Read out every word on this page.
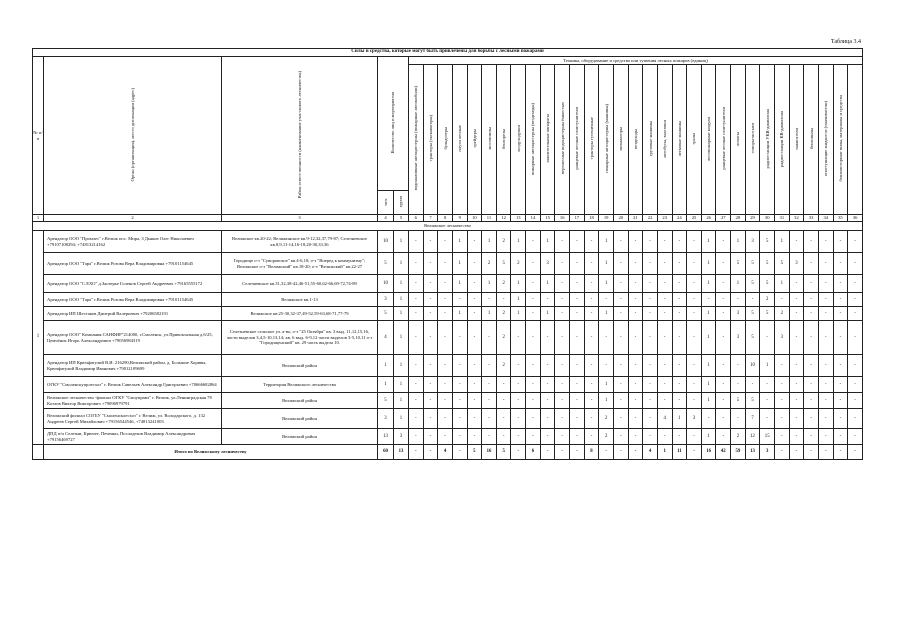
Таблица 3.4
Силы и средства, которые могут быть привлечены для борьбы с лесными пожарами																																			
№ п/п	Орган (организация), место дислокации (адрес)	Район ответственности (наименование участкового лесничества)	Количество лиц и мероприятия		Техника, оборудование и средства или тушения лесных пожаров (единиц)																														
					водоналивные автоцистерны (пожарные автомобили)	тракторы (экскаваторы)	бульдозеры	плуги лесные	грейдеры	мотопомпы	бензорезы	воздуходувки	пожарные автоцистерны (вездеходы)	зажигательные аппараты	переносные водоцистерны ёмкостью	ранцевые лесные огнетушители	тракторы гусеничные	пожарные автоцистерны (машины)	экскаваторы	вездеходы	грузовые машины	автобусы, вахтовки	легковые машины	тралы	лесопожарные модули	ранцевые лесные огнетушители	лопаты	топоры-мотыги	радиостанции УКВ-диапазона	радиостанции КВ-диапазона	зажигатели	бензопилы	огнетушащие жидкости (смачиватели)	бензомоторные пилы, материалы и средства	
			чел.	групп																															
1	2	3	4	5	6	7	8	9	10	11	12	13	14	15	16	17	18	19	20	21	22	23	24	25	26	27	28	29	30	31	32	33	34	35	36
Велижское лесничество																																			
1	Арендатор ООО "Промлес" г.Велиж пос. Мира, 3 Дьяков Олег Николаевич +79107108294; +74813214162	Велижское кв.20-22; Велижинское кв.9-12,32,37,79-87; Селезневское кв.8,9,11-14,16-18,20-30,33,36	10	1	-	-	-	1	-	1	2	1	-	1	-	-	-	1	-	-	-	-	-	-	1	-	1	3	5	1	-	-	-	-	-
	Арендатор ООО "Тара" г.Велиж Розова Вера Владимировна +79101154645	Городище о-з "Суворовское" кв.4-6,10; о-з "Вперед к коммунизму"; Велижское о-з "Велижский" кв.18-20; о-з "Велижский" кв.22-27	5	1	-	-	-	1	-	2	5	2	-	3	-	-	-	1	-	-	-	-	-	-	1	-	5	5	5	5	3	-	-	-	-
	Арендатор ООО "С.ЕХО" д.Заозерье Голенов Сергей Андреевич +79165555172	Селезневское кв.31,32,38-42,46-51,55-60,62-66,69-72,74-89	10	1	-	-	-	1	-	1	2	1	-	1	-	-	-	1	-	-	-	-	-	-	1	-	1	5	5	1	-	-	-	-	-
	Арендатор ООО "Тара" г.Велиж Розова Вера Владимировна +79101154645	Велижское кв.1-13	3	1	-	-	-	-	-	-	-	1	-	-	-	-	-	-	-	-	-	-	-	-	-	-	-	-	2	-	-	-	-	-	-
	Арендатор ИП Шестаков Дмитрий Валерьевич +79206582191	Велижское кв.25-30,32-37,49-52,59-63,68-71,77-79	5	1	-	-	-	1	-	1	2	1	-	1	-	-	-	1	-	-	-	-	-	-	1	-	3	5	5	2	-	-	-	-	-
	Арендатор ООО" Компания САНФИР"214000, г.Смоленск, ул.Привокзальная д.6/25, Цемчёнок Игорь Александрович +79056984319	Селезневское сельское ул. а-во, о-з "25 Октября" кв. 3 выд. 11,12,15,16, части выделов 3,4,5-10,13,14; кв. 6 выд. 6-9,12 части выделов 3-5,10,11 о-з "Городищенский" кв. 29 часть выдела 10.	4	1	-	-	-	-	-	-	2	-	-	-	-	-	-	-	-	-	-	-	-	-	1	-	3	5	-	3	-	-	-	-	-
	Арендатор ИП Крючфатулий В.И. 216290,Велижский район, д. Большие Хоривы, Крючфатулий Владимир Иванович +79012109699	Велижский район	1	1	-	-	-	-	-	-	2	-	-	-	-	-	-	-	-	-	-	-	-	-	1	-	-	10	1	-	-	-	-	-	-
	ОГКУ "Смоленскупрлесхоз" г. Велиж Савельев Александр Григорьевич +70666682864	Территория Велижского лесничества	1	1	-	-	-	-	-	-	-	-	-	-	-	-	-	1	-	-	-	-	-	-	1	-	-	-	-	-	-	-	-	-	-
	Велижское лесничество -филиал ОГКУ "Смоуправл" г. Велиж, ул.Ленинградская 78 Козлов Виктор Викторович +79096979791	Велижский район	5	1	-	-	-	-	-	-	-	-	-	-	-	-	-	1	-	-	-	-	-	-	1	-	5	5	-	-	-	-	-	-	-
	Велижский филиал СОГБУ "Смоленсклесхоз" г. Велиж, ул. Володарского, д. 132 Андреев Сергей Михайлович +79156544546, +74813241003	Велижский район	3	1	-	-	-	-	-	-	-	-	-	-	-	-	-	2	-	-	-	4	1	3	-	-	-	7	-	-	-	-	-	-	-
	ДПД п/п Селезни, Крючее, Печенки, Посладеков Владимир Александрович +79156469727	Велижский район	13	3	-	-	-	-	-	-	-	-	-	-	-	-	-	2	-	-	-	-	-	-	1	-	2	12	15	-	-	-	-	-	-
	Итого по Велижскому лесничеству		60	13	-	-	4	-	5	16	5	-	6	-	-	-	8	-	-	-	4	1	11	-	16	42	59	13	3	-	-	-	-	-	-
